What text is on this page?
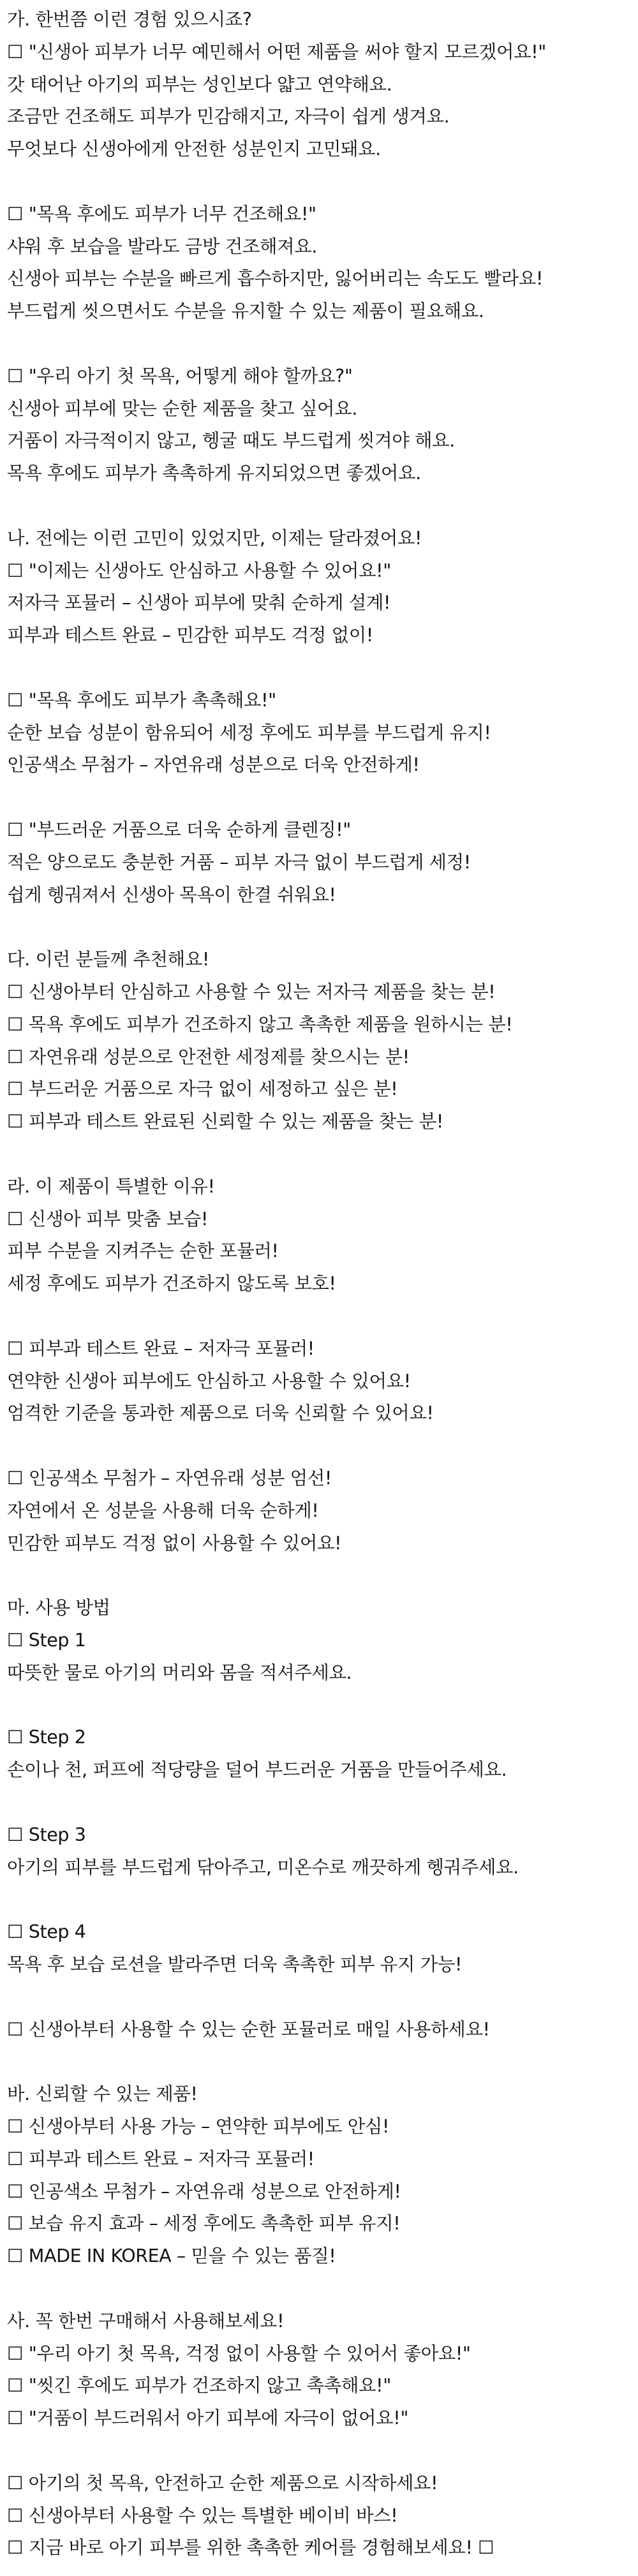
가. 한번쯤 이런 경험 있으시죠?
☐ "신생아 피부가 너무 예민해서 어떤 제품을 써야 할지 모르겠어요!"
갓 태어난 아기의 피부는 성인보다 얇고 연약해요.
조금만 건조해도 피부가 민감해지고, 자극이 쉽게 생겨요.
무엇보다 신생아에게 안전한 성분인지 고민돼요.
☐ "목욕 후에도 피부가 너무 건조해요!"
샤워 후 보습을 발라도 금방 건조해져요.
신생아 피부는 수분을 빠르게 흡수하지만, 잃어버리는 속도도 빨라요!
부드럽게 씻으면서도 수분을 유지할 수 있는 제품이 필요해요.
☐ "우리 아기 첫 목욕, 어떻게 해야 할까요?"
신생아 피부에 맞는 순한 제품을 찾고 싶어요.
거품이 자극적이지 않고, 헹굴 때도 부드럽게 씻겨야 해요.
목욕 후에도 피부가 촉촉하게 유지되었으면 좋겠어요.
나. 전에는 이런 고민이 있었지만, 이제는 달라졌어요!
☐ "이제는 신생아도 안심하고 사용할 수 있어요!"
저자극 포뮬러 – 신생아 피부에 맞춰 순하게 설계!
피부과 테스트 완료 – 민감한 피부도 걱정 없이!
☐ "목욕 후에도 피부가 촉촉해요!"
순한 보습 성분이 함유되어 세정 후에도 피부를 부드럽게 유지!
인공색소 무첨가 – 자연유래 성분으로 더욱 안전하게!
☐ "부드러운 거품으로 더욱 순하게 클렌징!"
적은 양으로도 충분한 거품 – 피부 자극 없이 부드럽게 세정!
쉽게 헹궈져서 신생아 목욕이 한결 쉬워요!
다. 이런 분들께 추천해요!
☐ 신생아부터 안심하고 사용할 수 있는 저자극 제품을 찾는 분!
☐ 목욕 후에도 피부가 건조하지 않고 촉촉한 제품을 원하시는 분!
☐ 자연유래 성분으로 안전한 세정제를 찾으시는 분!
☐ 부드러운 거품으로 자극 없이 세정하고 싶은 분!
☐ 피부과 테스트 완료된 신뢰할 수 있는 제품을 찾는 분!
라. 이 제품이 특별한 이유!
☐ 신생아 피부 맞춤 보습!
피부 수분을 지켜주는 순한 포뮬러!
세정 후에도 피부가 건조하지 않도록 보호!
☐ 피부과 테스트 완료 – 저자극 포뮬러!
연약한 신생아 피부에도 안심하고 사용할 수 있어요!
엄격한 기준을 통과한 제품으로 더욱 신뢰할 수 있어요!
☐ 인공색소 무첨가 – 자연유래 성분 엄선!
자연에서 온 성분을 사용해 더욱 순하게!
민감한 피부도 걱정 없이 사용할 수 있어요!
마. 사용 방법
☐ Step 1
따뜻한 물로 아기의 머리와 몸을 적셔주세요.
☐ Step 2
손이나 천, 퍼프에 적당량을 덜어 부드러운 거품을 만들어주세요.
☐ Step 3
아기의 피부를 부드럽게 닦아주고, 미온수로 깨끗하게 헹궈주세요.
☐ Step 4
목욕 후 보습 로션을 발라주면 더욱 촉촉한 피부 유지 가능!
☐ 신생아부터 사용할 수 있는 순한 포뮬러로 매일 사용하세요!
바. 신뢰할 수 있는 제품!
☐ 신생아부터 사용 가능 – 연약한 피부에도 안심!
☐ 피부과 테스트 완료 – 저자극 포뮬러!
☐ 인공색소 무첨가 – 자연유래 성분으로 안전하게!
☐ 보습 유지 효과 – 세정 후에도 촉촉한 피부 유지!
☐ MADE IN KOREA – 믿을 수 있는 품질!
사. 꼭 한번 구매해서 사용해보세요!
☐ "우리 아기 첫 목욕, 걱정 없이 사용할 수 있어서 좋아요!"
☐ "씻긴 후에도 피부가 건조하지 않고 촉촉해요!"
☐ "거품이 부드러워서 아기 피부에 자극이 없어요!"
☐ 아기의 첫 목욕, 안전하고 순한 제품으로 시작하세요!
☐ 신생아부터 사용할 수 있는 특별한 베이비 바스!
☐ 지금 바로 아기 피부를 위한 촉촉한 케어를 경험해보세요! ☐
